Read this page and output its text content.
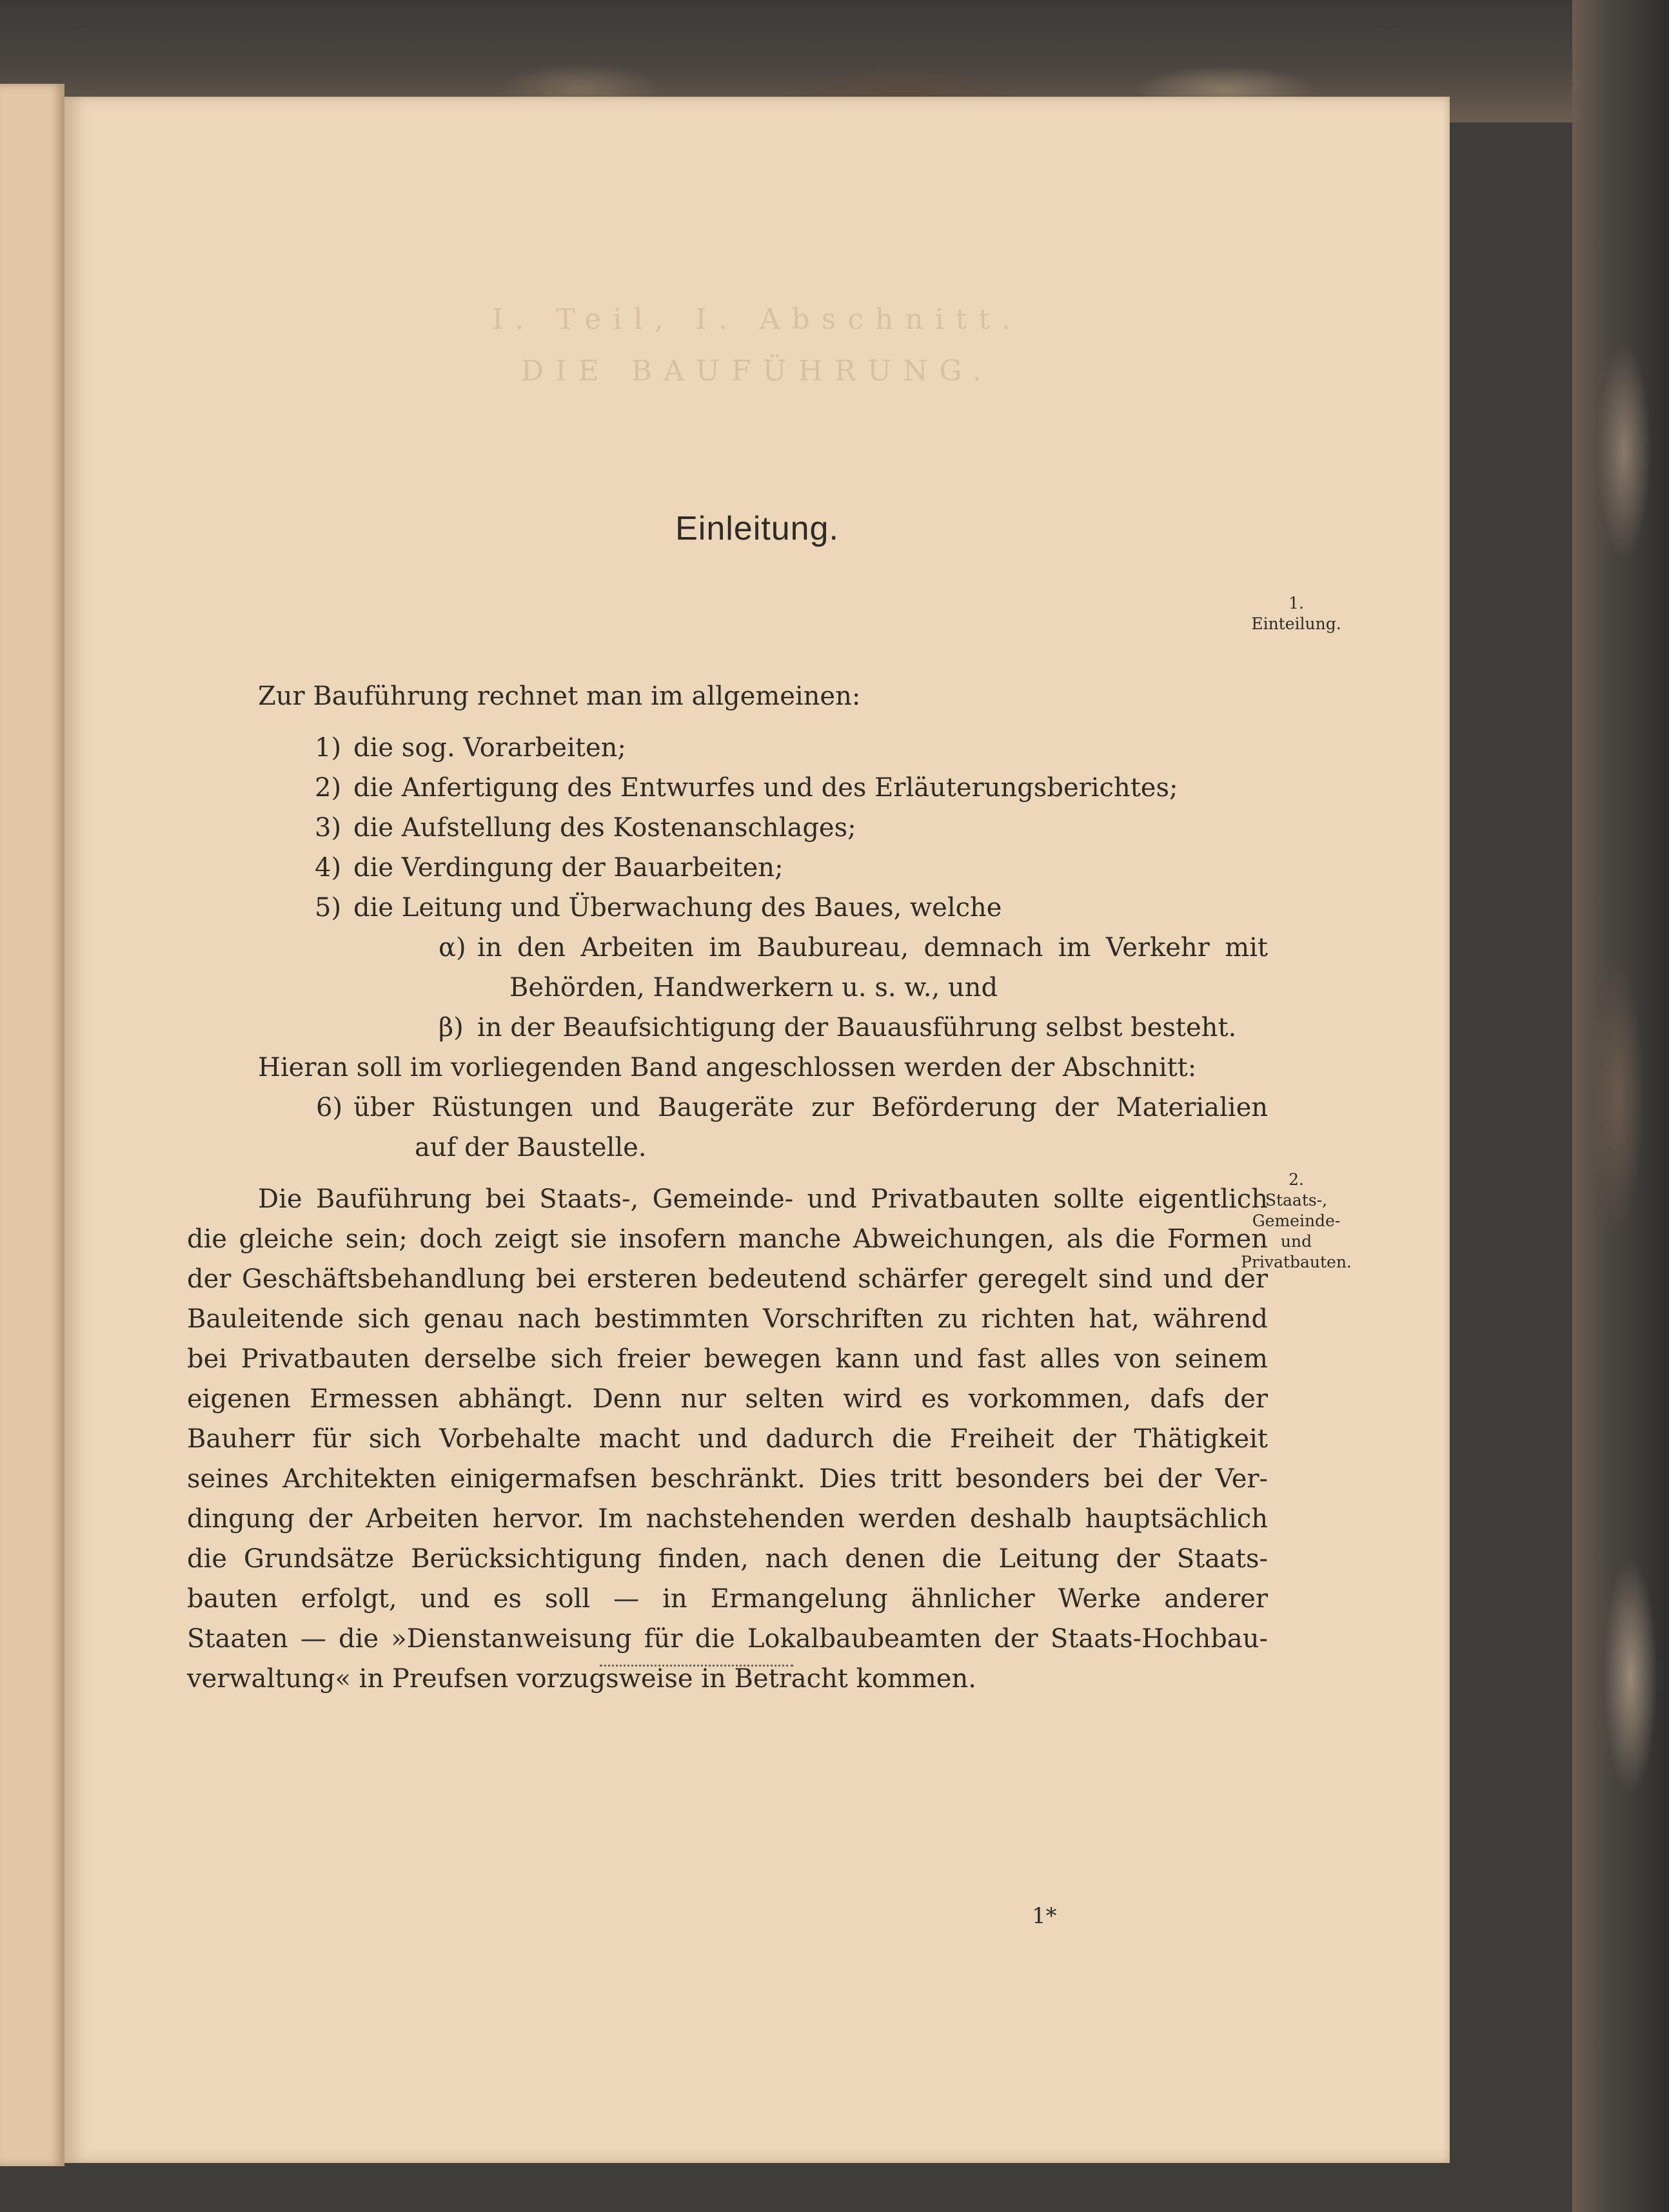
I. Teil, I. Abschnitt.
DIE BAUFÜHRUNG.
Einleitung.

Zur Bauführung rechnet man im allgemeinen:

1) die sog. Vorarbeiten;
2) die Anfertigung des Entwurfes und des Erläuterungsberichtes;
3) die Aufstellung des Kostenanschlages;
4) die Verdingung der Bauarbeiten;
5) die Leitung und Überwachung des Baues, welche
α) in den Arbeiten im Baubureau, demnach im Verkehr mit

Behörden, Handwerkern u. s. w., und

β) in der Beaufsichtigung der Bauausführung selbst besteht.

Hieran soll im vorliegenden Band angeschlossen werden der Abschnitt:

6) über Rüstungen und Baugeräte zur Beförderung der Materialien

auf der Baustelle.

Die Bauführung bei Staats-, Gemeinde- und Privatbauten sollte eigentlich

die gleiche sein; doch zeigt sie insofern manche Abweichungen, als die Formen

der Geschäftsbehandlung bei ersteren bedeutend schärfer geregelt sind und der

Bauleitende sich genau nach bestimmten Vorschriften zu richten hat, während

bei Privatbauten derselbe sich freier bewegen kann und fast alles von seinem

eigenen Ermessen abhängt. Denn nur selten wird es vorkommen, dafs der

Bauherr für sich Vorbehalte macht und dadurch die Freiheit der Thätigkeit

seines Architekten einigermafsen beschränkt. Dies tritt besonders bei der Ver-

dingung der Arbeiten hervor. Im nachstehenden werden deshalb hauptsächlich

die Grundsätze Berücksichtigung finden, nach denen die Leitung der Staats-

bauten erfolgt, und es soll — in Ermangelung ähnlicher Werke anderer

Staaten — die »Dienstanweisung für die Lokalbaubeamten der Staats-Hochbau-

verwaltung« in Preufsen vorzugsweise in Betracht kommen.

1.
Einteilung.
2.
Staats-,
Gemeinde-
und
Privatbauten.

1*
